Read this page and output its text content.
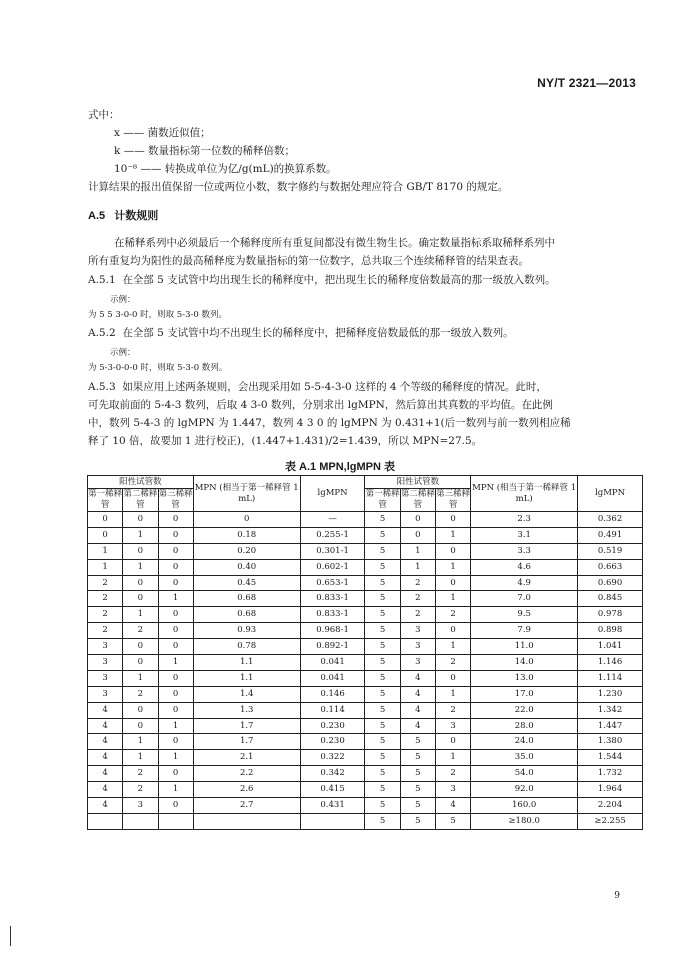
NY/T 2321—2013
式中：
x —— 菌数近似值；
k —— 数量指标第一位数的稀释倍数；
10⁻⁸ —— 转换成单位为亿/g(mL)的换算系数。
计算结果的报出值保留一位或两位小数，数字修约与数据处理应符合 GB/T 8170 的规定。
A.5 计数规则
在稀释系列中必须最后一个稀释度所有重复间都没有微生物生长。确定数量指标系取稀释系列中
所有重复均为阳性的最高稀释度为数量指标的第一位数字，总共取三个连续稀释管的结果查表。
A.5.1 在全部 5 支试管中均出现生长的稀释度中，把出现生长的稀释度倍数最高的那一级放入数列。
示例：
为 5 5 3-0-0 时，则取 5-3-0 数列。
A.5.2 在全部 5 支试管中均不出现生长的稀释度中，把稀释度倍数最低的那一级放入数列。
示例：
为 5-3-0-0-0 时，则取 5-3-0 数列。
A.5.3 如果应用上述两条规则，会出现采用如 5-5-4-3-0 这样的 4 个等级的稀释度的情况。此时，
可先取前面的 5-4-3 数列，后取 4 3-0 数列，分别求出 lgMPN，然后算出其真数的平均值。在此例
中，数列 5-4-3 的 lgMPN 为 1.447，数列 4 3 0 的 lgMPN 为 0.431+1(后一数列与前一数列相应稀
释了 10 倍，故要加 1 进行校正)，(1.447+1.431)/2=1.439，所以 MPN=27.5。
表 A.1 MPN,lgMPN 表
阳性试管数			MPN (相当于第一稀释管 1 mL)	lgMPN	阳性试管数			MPN (相当于第一稀释管 1 mL)	lgMPN
第一稀释管	第二稀释管	第三稀释管			第一稀释管	第二稀释管	第三稀释管		

0	0	0	0	—	5	0	0	2.3	0.362
0	1	0	0.18	0.255-1	5	0	1	3.1	0.491
1	0	0	0.20	0.301-1	5	1	0	3.3	0.519
1	1	0	0.40	0.602-1	5	1	1	4.6	0.663
2	0	0	0.45	0.653-1	5	2	0	4.9	0.690
2	0	1	0.68	0.833-1	5	2	1	7.0	0.845
2	1	0	0.68	0.833-1	5	2	2	9.5	0.978
2	2	0	0.93	0.968-1	5	3	0	7.9	0.898
3	0	0	0.78	0.892-1	5	3	1	11.0	1.041
3	0	1	1.1	0.041	5	3	2	14.0	1.146
3	1	0	1.1	0.041	5	4	0	13.0	1.114
3	2	0	1.4	0.146	5	4	1	17.0	1.230
4	0	0	1.3	0.114	5	4	2	22.0	1.342
4	0	1	1.7	0.230	5	4	3	28.0	1.447
4	1	0	1.7	0.230	5	5	0	24.0	1.380
4	1	1	2.1	0.322	5	5	1	35.0	1.544
4	2	0	2.2	0.342	5	5	2	54.0	1.732
4	2	1	2.6	0.415	5	5	3	92.0	1.964
4	3	0	2.7	0.431	5	5	4	160.0	2.204
					5	5	5	≥180.0	≥2.255
9
